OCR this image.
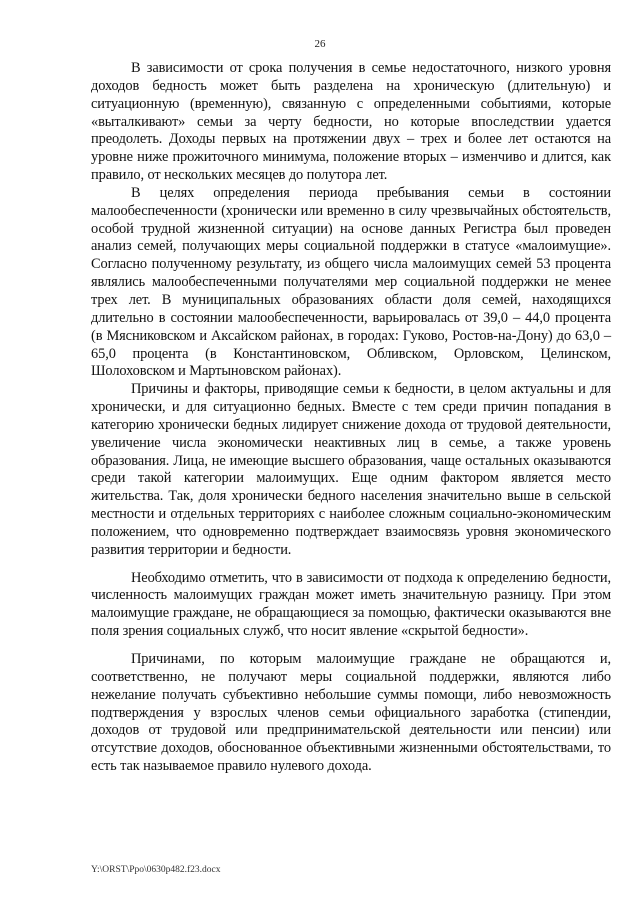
26

В зависимости от срока получения в семье недостаточного, низкого уровня доходов бедность может быть разделена на хроническую (длительную) и ситуационную (временную), связанную с определенными событиями, которые «выталкивают» семьи за черту бедности, но которые впоследствии удается преодолеть. Доходы первых на протяжении двух – трех и более лет остаются на уровне ниже прожиточного минимума, положение вторых – изменчиво и длится, как правило, от нескольких месяцев до полутора лет.

В целях определения периода пребывания семьи в состоянии малообеспеченности (хронически или временно в силу чрезвычайных обстоятельств, особой трудной жизненной ситуации) на основе данных Регистра был проведен анализ семей, получающих меры социальной поддержки в статусе «малоимущие». Согласно полученному результату, из общего числа малоимущих семей 53 процента являлись малообеспеченными получателями мер социальной поддержки не менее трех лет. В муниципальных образованиях области доля семей, находящихся длительно в состоянии малообеспеченности, варьировалась от 39,0 – 44,0 процента (в Мясниковском и Аксайском районах, в городах: Гуково, Ростов-на-Дону) до 63,0 – 65,0 процента (в Константиновском, Обливском, Орловском, Целинском, Шолоховском и Мартыновском районах).

Причины и факторы, приводящие семьи к бедности, в целом актуальны и для хронически, и для ситуационно бедных. Вместе с тем среди причин попадания в категорию хронически бедных лидирует снижение дохода от трудовой деятельности, увеличение числа экономически неактивных лиц в семье, а также уровень образования. Лица, не имеющие высшего образования, чаще остальных оказываются среди такой категории малоимущих. Еще одним фактором является место жительства. Так, доля хронически бедного населения значительно выше в сельской местности и отдельных территориях с наиболее сложным социально-экономическим положением, что одновременно подтверждает взаимосвязь уровня экономического развития территории и бедности.

Необходимо отметить, что в зависимости от подхода к определению бедности, численность малоимущих граждан может иметь значительную разницу. При этом малоимущие граждане, не обращающиеся за помощью, фактически оказываются вне поля зрения социальных служб, что носит явление «скрытой бедности».

Причинами, по которым малоимущие граждане не обращаются и, соответственно, не получают меры социальной поддержки, являются либо нежелание получать субъективно небольшие суммы помощи, либо невозможность подтверждения у взрослых членов семьи официального заработка (стипендии, доходов от трудовой или предпринимательской деятельности или пенсии) или отсутствие доходов, обоснованное объективными жизненными обстоятельствами, то есть так называемое правило нулевого дохода.

Y:\ORST\Ppo\0630p482.f23.docx
